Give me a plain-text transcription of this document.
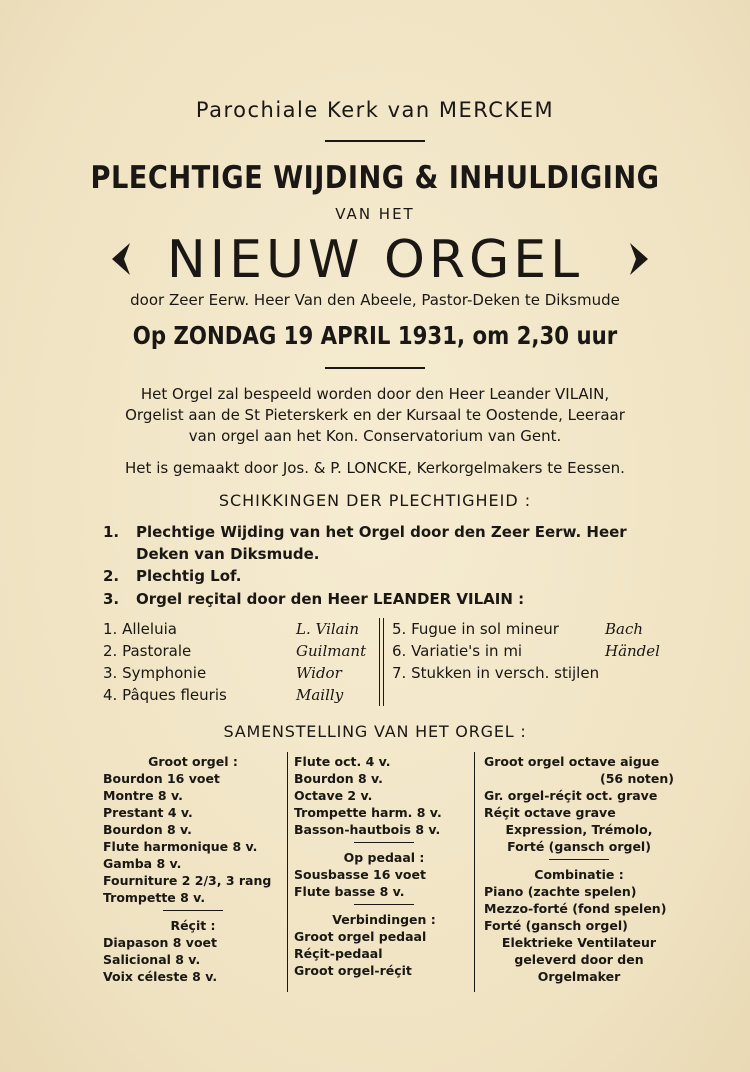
Parochiale Kerk van MERCKEM
PLECHTIGE WIJDING & INHULDIGING
VAN HET
NIEUW ORGEL
door Zeer Eerw. Heer Van den Abeele, Pastor-Deken te Diksmude
Op ZONDAG 19 APRIL 1931, om 2,30 uur
Het Orgel zal bespeeld worden door den Heer Leander VILAIN,
Orgelist aan de St Pieterskerk en der Kursaal te Oostende, Leeraar
van orgel aan het Kon. Conservatorium van Gent.
Het is gemaakt door Jos. & P. LONCKE, Kerkorgelmakers te Eessen.
SCHIKKINGEN DER PLECHTIGHEID :
1. Plechtige Wijding van het Orgel door den Zeer Eerw. Heer
Deken van Diksmude.
2. Plechtig Lof.
3. Orgel reçital door den Heer LEANDER VILAIN :
1. Alleluia	L. Vilain
2. Pastorale	Guilmant
3. Symphonie	Widor
4. Pâques fleuris	Mailly
5. Fugue in sol mineur	Bach
6. Variatie's in mi	Händel
7. Stukken in versch. stijlen
SAMENSTELLING VAN HET ORGEL :
Groot orgel :
Bourdon 16 voet
Montre 8 v.
Prestant 4 v.
Bourdon 8 v.
Flute harmonique 8 v.
Gamba 8 v.
Fourniture 2 2/3, 3 rang
Trompette 8 v.
Réçit :
Diapason 8 voet
Salicional 8 v.
Voix céleste 8 v.
Flute oct. 4 v.
Bourdon 8 v.
Octave 2 v.
Trompette harm. 8 v.
Basson-hautbois 8 v.
Op pedaal :
Sousbasse 16 voet
Flute basse 8 v.
Verbindingen :
Groot orgel pedaal
Réçit-pedaal
Groot orgel-réçit
Groot orgel octave aigue
(56 noten)
Gr. orgel-réçit oct. grave
Réçit octave grave
Expression, Trémolo,
Forté (gansch orgel)
Combinatie :
Piano (zachte spelen)
Mezzo-forté (fond spelen)
Forté (gansch orgel)
Elektrieke Ventilateur
geleverd door den
Orgelmaker
